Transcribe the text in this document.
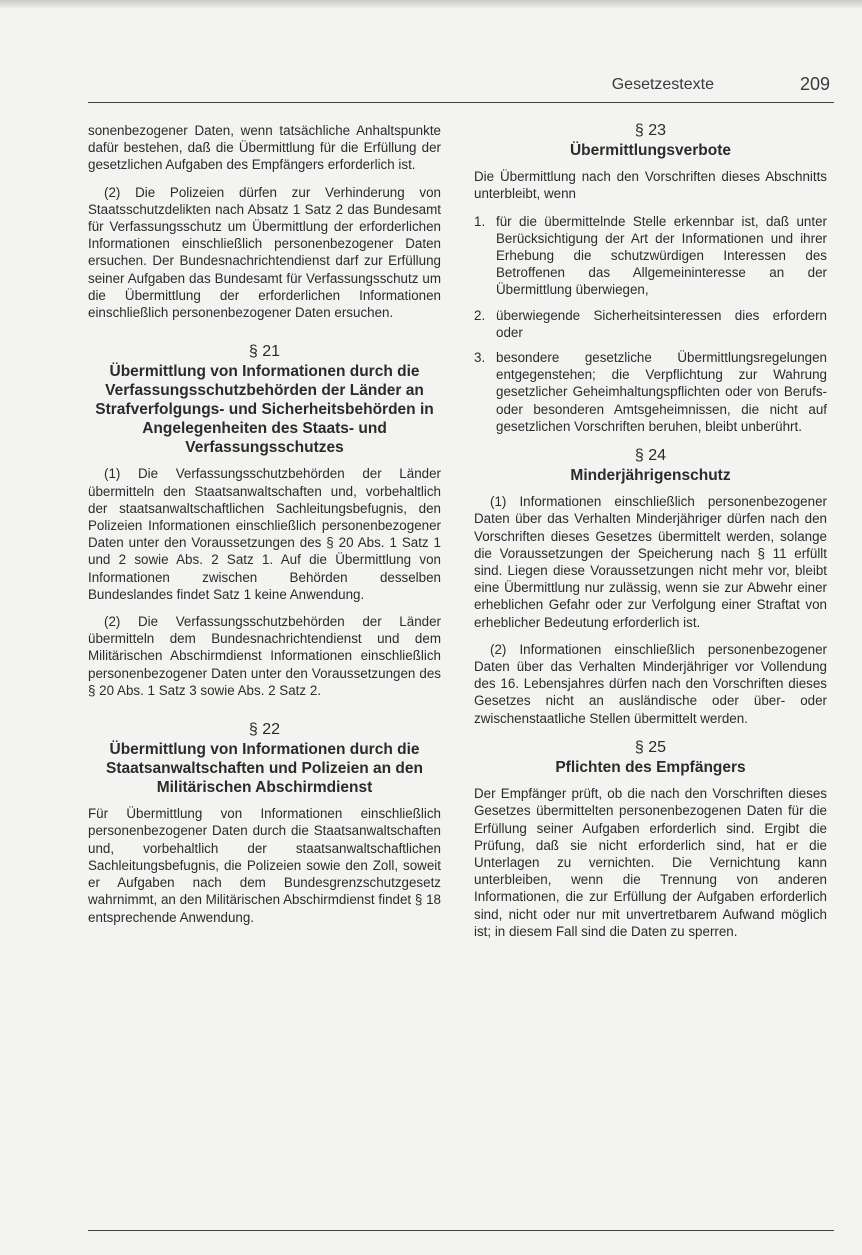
Gesetzestexte	209

sonenbezogener Daten, wenn tatsächliche Anhaltspunkte dafür bestehen, daß die Übermittlung für die Erfüllung der gesetzlichen Aufgaben des Empfängers erforderlich ist.

(2) Die Polizeien dürfen zur Verhinderung von Staatsschutzdelikten nach Absatz 1 Satz 2 das Bundesamt für Verfassungsschutz um Übermittlung der erforderlichen Informationen einschließlich personenbezogener Daten ersuchen. Der Bundesnachrichtendienst darf zur Erfüllung seiner Aufgaben das Bundesamt für Verfassungsschutz um die Übermittlung der erforderlichen Informationen einschließlich personenbezogener Daten ersuchen.

§ 21
Übermittlung von Informationen durch die Verfassungsschutzbehörden der Länder an Strafverfolgungs- und Sicherheitsbehörden in Angelegenheiten des Staats- und Verfassungsschutzes

(1) Die Verfassungsschutzbehörden der Länder übermitteln den Staatsanwaltschaften und, vorbehaltlich der staatsanwaltschaftlichen Sachleitungsbefugnis, den Polizeien Informationen einschließlich personenbezogener Daten unter den Voraussetzungen des § 20 Abs. 1 Satz 1 und 2 sowie Abs. 2 Satz 1. Auf die Übermittlung von Informationen zwischen Behörden desselben Bundeslandes findet Satz 1 keine Anwendung.

(2) Die Verfassungsschutzbehörden der Länder übermitteln dem Bundesnachrichtendienst und dem Militärischen Abschirmdienst Informationen einschließlich personenbezogener Daten unter den Voraussetzungen des § 20 Abs. 1 Satz 3 sowie Abs. 2 Satz 2.

§ 22
Übermittlung von Informationen durch die Staatsanwaltschaften und Polizeien an den Militärischen Abschirmdienst

Für Übermittlung von Informationen einschließlich personenbezogener Daten durch die Staatsanwaltschaften und, vorbehaltlich der staatsanwaltschaftlichen Sachleitungsbefugnis, die Polizeien sowie den Zoll, soweit er Aufgaben nach dem Bundesgrenzschutzgesetz wahrnimmt, an den Militärischen Abschirmdienst findet § 18 entsprechende Anwendung.

§ 23
Übermittlungsverbote

Die Übermittlung nach den Vorschriften dieses Abschnitts unterbleibt, wenn

1. für die übermittelnde Stelle erkennbar ist, daß unter Berücksichtigung der Art der Informationen und ihrer Erhebung die schutzwürdigen Interessen des Betroffenen das Allgemeininteresse an der Übermittlung überwiegen,
2. überwiegende Sicherheitsinteressen dies erfordern oder
3. besondere gesetzliche Übermittlungsregelungen entgegenstehen; die Verpflichtung zur Wahrung gesetzlicher Geheimhaltungspflichten oder von Berufs- oder besonderen Amtsgeheimnissen, die nicht auf gesetzlichen Vorschriften beruhen, bleibt unberührt.
§ 24
Minderjährigenschutz

(1) Informationen einschließlich personenbezogener Daten über das Verhalten Minderjähriger dürfen nach den Vorschriften dieses Gesetzes übermittelt werden, solange die Voraussetzungen der Speicherung nach § 11 erfüllt sind. Liegen diese Voraussetzungen nicht mehr vor, bleibt eine Übermittlung nur zulässig, wenn sie zur Abwehr einer erheblichen Gefahr oder zur Verfolgung einer Straftat von erheblicher Bedeutung erforderlich ist.

(2) Informationen einschließlich personenbezogener Daten über das Verhalten Minderjähriger vor Vollendung des 16. Lebensjahres dürfen nach den Vorschriften dieses Gesetzes nicht an ausländische oder über- oder zwischenstaatliche Stellen übermittelt werden.

§ 25
Pflichten des Empfängers

Der Empfänger prüft, ob die nach den Vorschriften dieses Gesetzes übermittelten personenbezogenen Daten für die Erfüllung seiner Aufgaben erforderlich sind. Ergibt die Prüfung, daß sie nicht erforderlich sind, hat er die Unterlagen zu vernichten. Die Vernichtung kann unterbleiben, wenn die Trennung von anderen Informationen, die zur Erfüllung der Aufgaben erforderlich sind, nicht oder nur mit unvertretbarem Aufwand möglich ist; in diesem Fall sind die Daten zu sperren.
